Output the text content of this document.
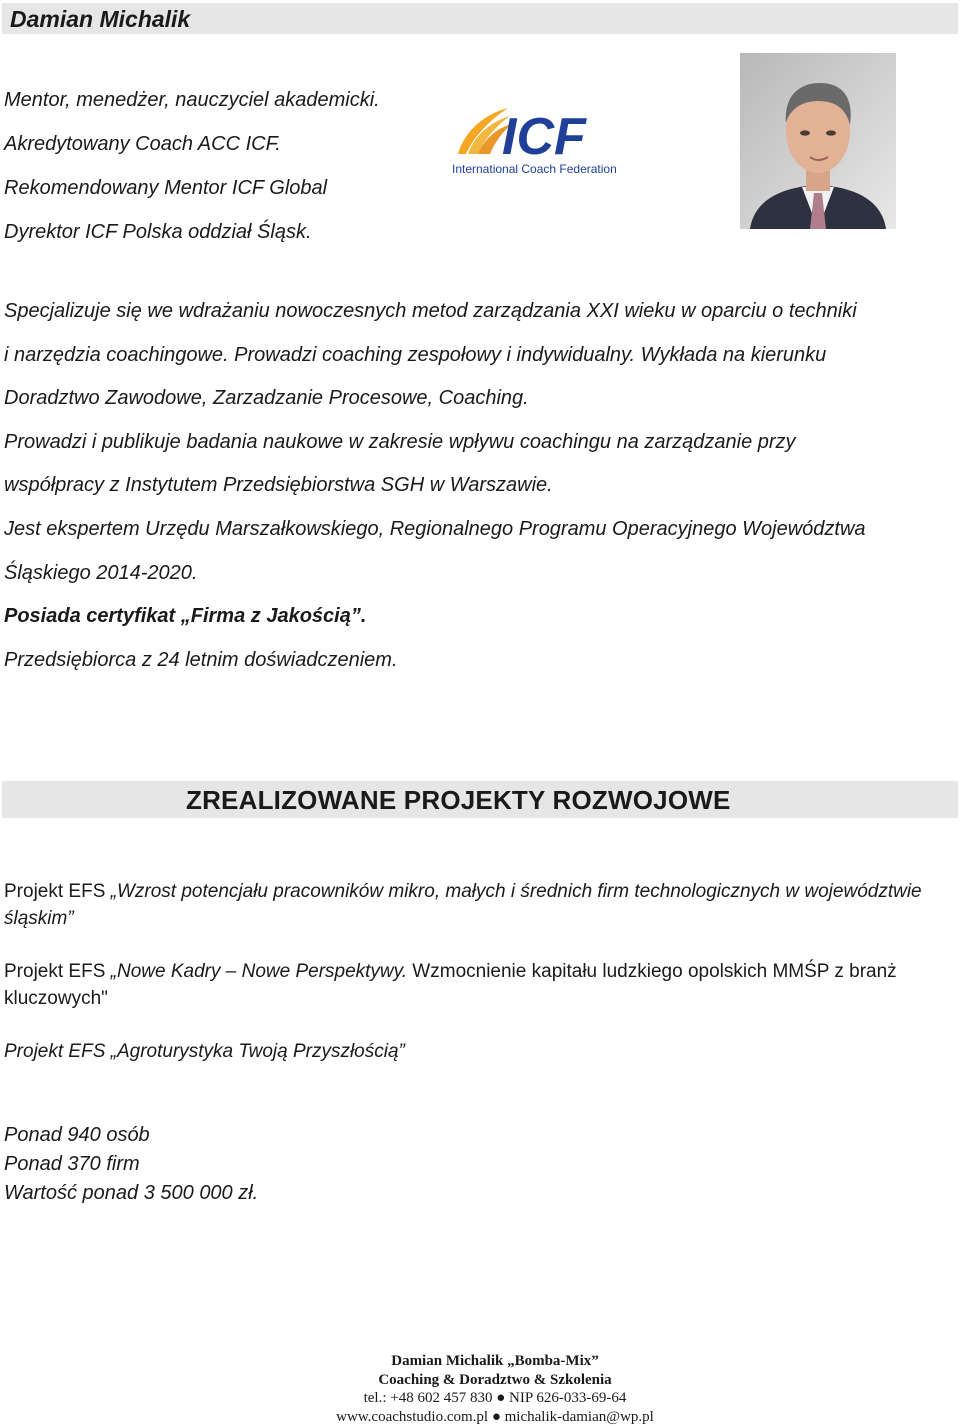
Damian Michalik
Mentor, menedżer, nauczyciel akademicki.
Akredytowany Coach ACC ICF.
Rekomendowany Mentor ICF Global
Dyrektor ICF Polska oddział Śląsk.
ICF
International Coach Federation
Specjalizuje się we wdrażaniu nowoczesnych metod zarządzania XXI wieku w oparciu o techniki
i narzędzia coachingowe. Prowadzi coaching zespołowy i indywidualny. Wykłada na kierunku
Doradztwo Zawodowe, Zarzadzanie Procesowe, Coaching.
Prowadzi i publikuje badania naukowe w zakresie wpływu coachingu na zarządzanie przy
współpracy z Instytutem Przedsiębiorstwa SGH w Warszawie.
Jest ekspertem Urzędu Marszałkowskiego, Regionalnego Programu Operacyjnego Województwa
Śląskiego 2014-2020.
Posiada certyfikat „Firma z Jakością”.
Przedsiębiorca z 24 letnim doświadczeniem.
ZREALIZOWANE PROJEKTY ROZWOJOWE
Projekt EFS „Wzrost potencjału pracowników mikro, małych i średnich firm technologicznych w województwie śląskim”
Projekt EFS „Nowe Kadry – Nowe Perspektywy. Wzmocnienie kapitału ludzkiego opolskich MMŚP z branż kluczowych"
Projekt EFS „Agroturystyka Twoją Przyszłością”
Ponad 940 osób
Ponad 370 firm
Wartość ponad 3 500 000 zł.
Damian Michalik „Bomba-Mix”
Coaching & Doradztwo & Szkolenia
tel.: +48 602 457 830 ● NIP 626-033-69-64
www.coachstudio.com.pl ● michalik-damian@wp.pl
